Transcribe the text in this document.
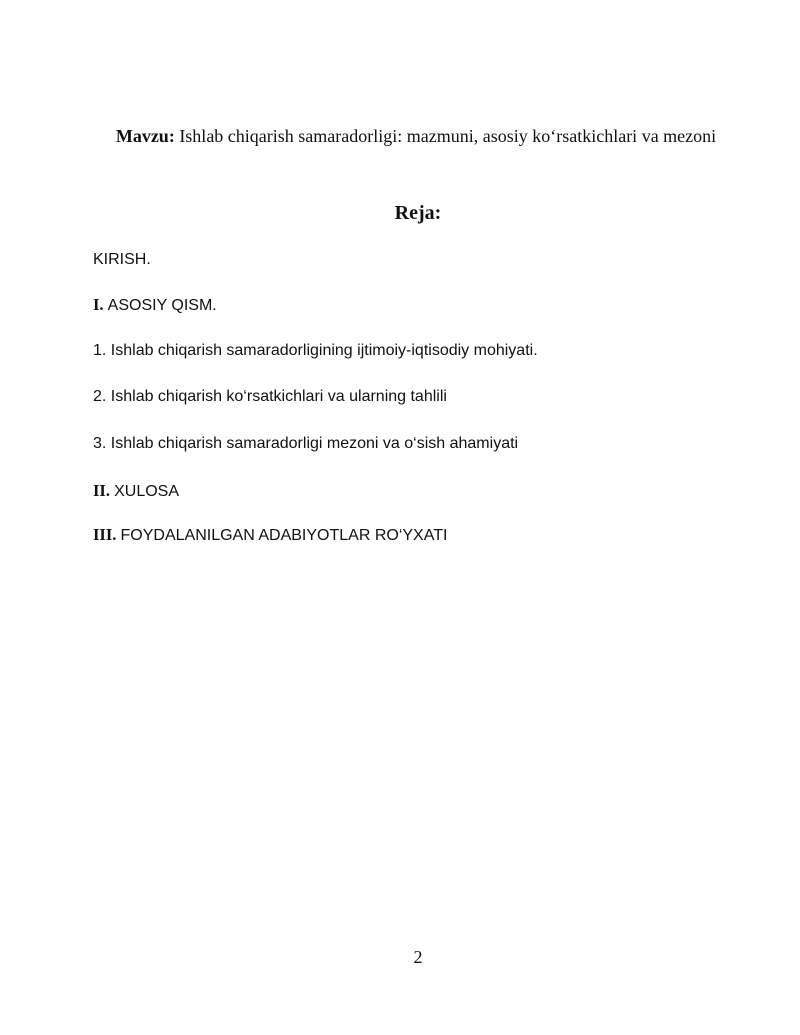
Mavzu: Ishlab chiqarish samaradorligi: mazmuni, asosiy ko‘rsatkichlari va mezoni
Reja:
KIRISH.
I. ASOSIY QISM.
1. Ishlab chiqarish samaradorligining ijtimoiy-iqtisodiy mohiyati.
2. Ishlab chiqarish ko‘rsatkichlari va ularning tahlili
3. Ishlab chiqarish samaradorligi mezoni va o‘sish ahamiyati
II. XULOSA
III. FOYDALANILGAN ADABIYOTLAR RO‘YXATI
2
